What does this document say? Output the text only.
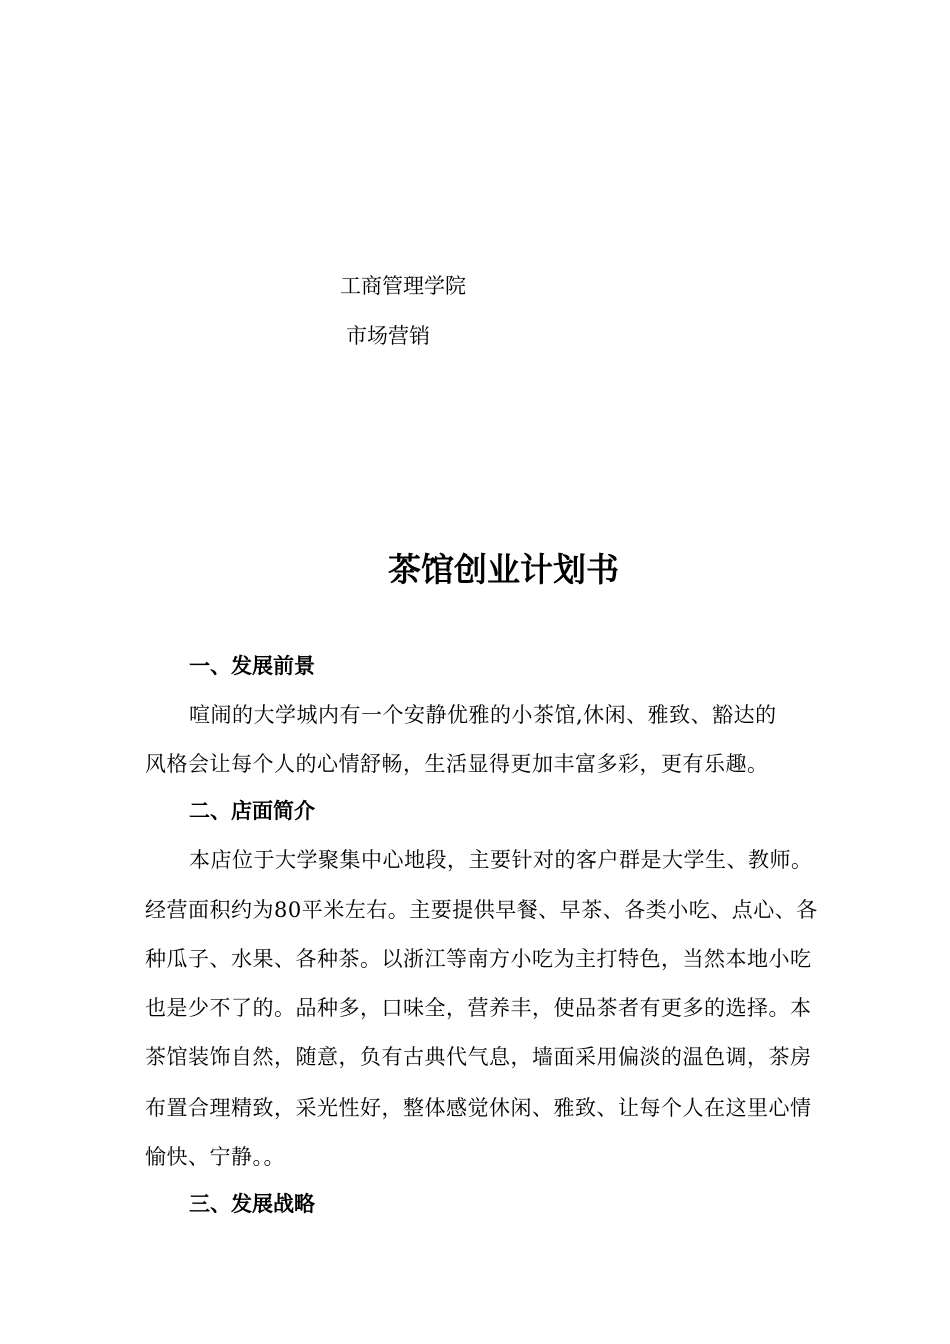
工商管理学院
市场营销
茶馆创业计划书
一、发展前景
喧闹的大学城内有一个安静优雅的小茶馆,休闲、雅致、豁达的
风格会让每个人的心情舒畅，生活显得更加丰富多彩，更有乐趣。
二、店面简介
本店位于大学聚集中心地段，主要针对的客户群是大学生、教师。
经营面积约为80平米左右。主要提供早餐、早茶、各类小吃、点心、各
种瓜子、水果、各种茶。以浙江等南方小吃为主打特色，当然本地小吃
也是少不了的。品种多，口味全，营养丰，使品茶者有更多的选择。本
茶馆装饰自然，随意，负有古典代气息，墙面采用偏淡的温色调，茶房
布置合理精致，采光性好，整体感觉休闲、雅致、让每个人在这里心情
愉快、宁静。。
三、发展战略
